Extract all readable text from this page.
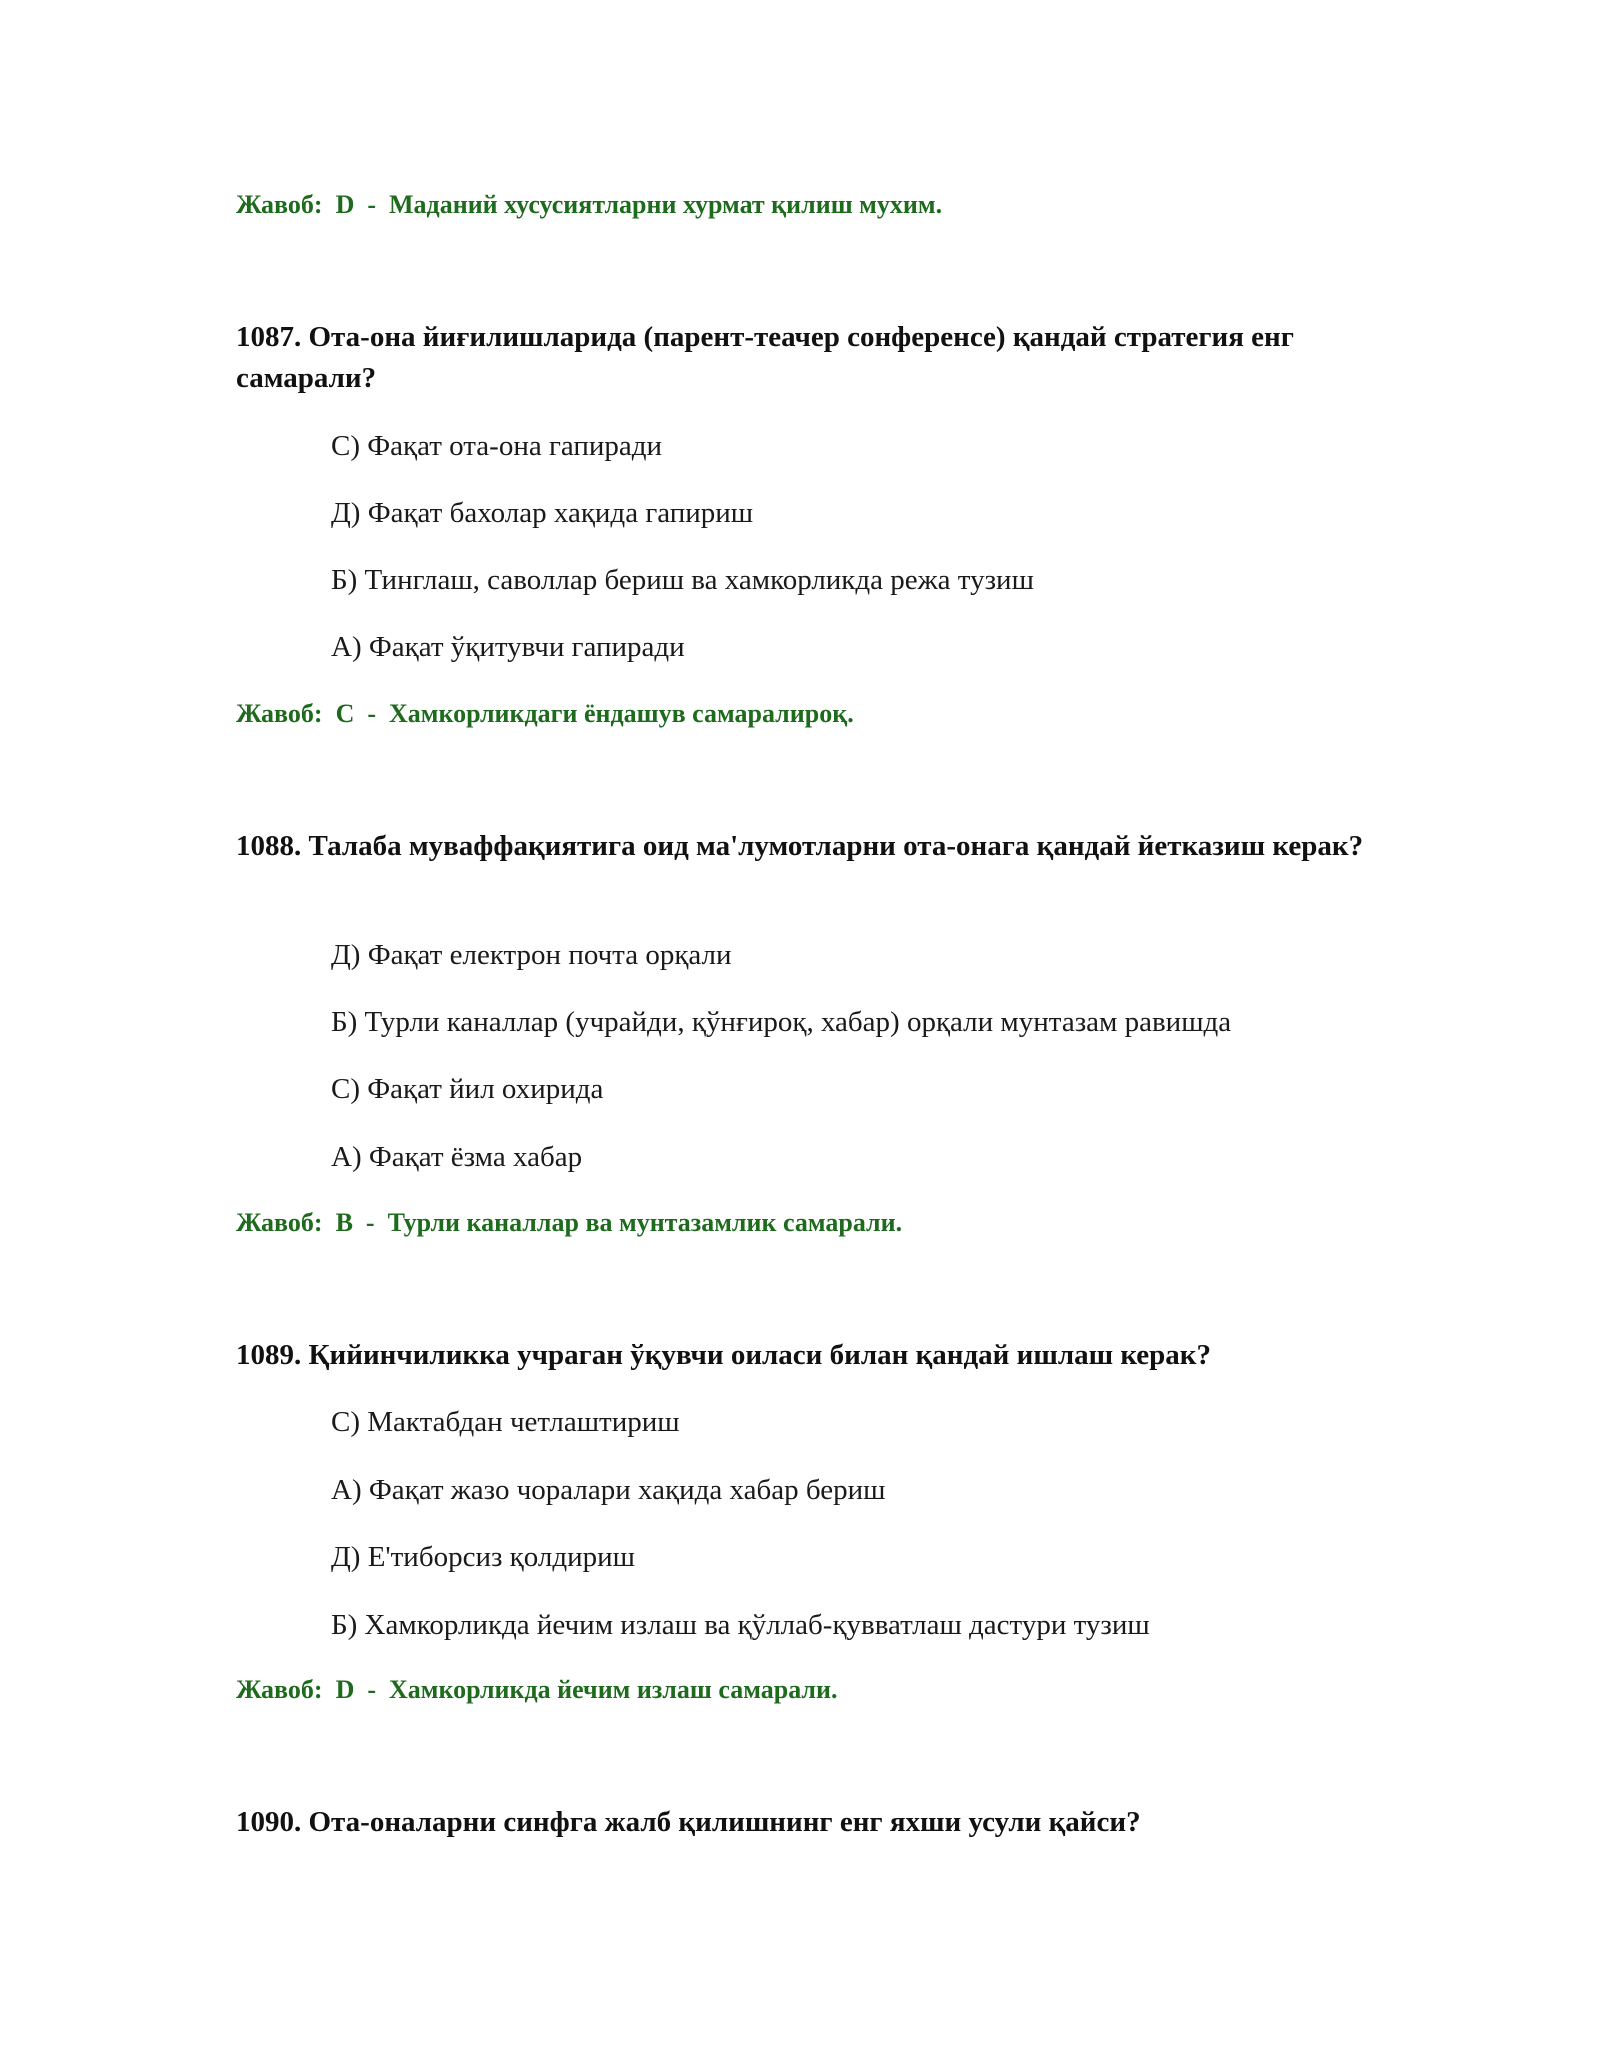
Жавоб:  D  -  Маданий хусусиятларни хурмат қилиш мухим.
1087. Ота-она йиғилишларида (парент-теачер сонференсе) қандай стратегия енг самарали?
С) Фақат ота-она гапиради
Д) Фақат бахолар хақида гапириш
Б) Тинглаш, саволлар бериш ва хамкорликда режа тузиш
А) Фақат ўқитувчи гапиради
Жавоб:  C  -  Хамкорликдаги ёндашув самаралироқ.
1088. Талаба муваффақиятига оид ма'лумотларни ота-онага қандай йетказиш керак?
Д) Фақат електрон почта орқали
Б) Турли каналлар (учрайди, қўнғироқ, хабар) орқали мунтазам равишда
С) Фақат йил охирида
А) Фақат ёзма хабар
Жавоб:  B  -  Турли каналлар ва мунтазамлик самарали.
1089. Қийинчиликка учраган ўқувчи оиласи билан қандай ишлаш керак?
С) Мактабдан четлаштириш
А) Фақат жазо чоралари хақида хабар бериш
Д) Е'тиборсиз қолдириш
Б) Хамкорликда йечим излаш ва қўллаб-қувватлаш дастури тузиш
Жавоб:  D  -  Хамкорликда йечим излаш самарали.
1090. Ота-оналарни синфга жалб қилишнинг енг яхши усули қайси?
